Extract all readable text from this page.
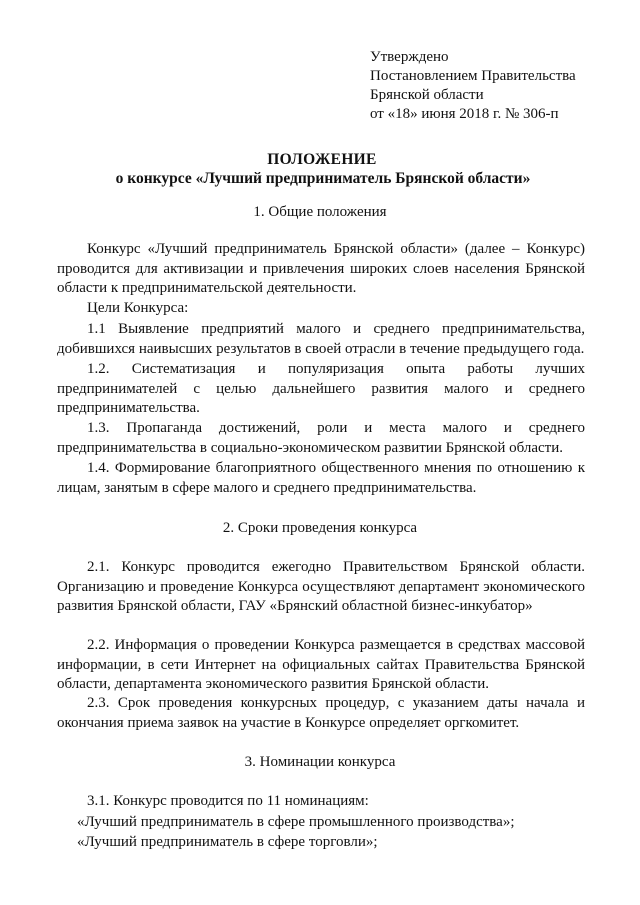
Утверждено
Постановлением Правительства
Брянской области
от «18» июня 2018 г. № 306-п
ПОЛОЖЕНИЕ
о конкурсе «Лучший предприниматель Брянской области»
1. Общие положения
Конкурс «Лучший предприниматель Брянской области» (далее – Конкурс) проводится для активизации и привлечения широких слоев населения Брянской области к предпринимательской деятельности.
Цели Конкурса:
1.1 Выявление предприятий малого и среднего предпринимательства, добившихся наивысших результатов в своей отрасли в течение предыдущего года.
1.2. Систематизация и популяризация опыта работы лучших предпринимателей с целью дальнейшего развития малого и среднего предпринимательства.
1.3. Пропаганда достижений, роли и места малого и среднего предпринимательства в социально-экономическом развитии Брянской области.
1.4. Формирование благоприятного общественного мнения по отношению к лицам, занятым в сфере малого и среднего предпринимательства.
2. Сроки проведения конкурса
2.1. Конкурс проводится ежегодно Правительством Брянской области. Организацию и проведение Конкурса осуществляют департамент экономического развития Брянской области, ГАУ «Брянский областной бизнес-инкубатор»
2.2. Информация о проведении Конкурса размещается в средствах массовой информации, в сети Интернет на официальных сайтах Правительства Брянской области, департамента экономического развития Брянской области.
2.3. Срок проведения конкурсных процедур, с указанием даты начала и окончания приема заявок на участие в Конкурсе определяет оргкомитет.
3. Номинации конкурса
3.1. Конкурс проводится по 11 номинациям:
«Лучший предприниматель в сфере промышленного производства»;
«Лучший предприниматель в сфере торговли»;
